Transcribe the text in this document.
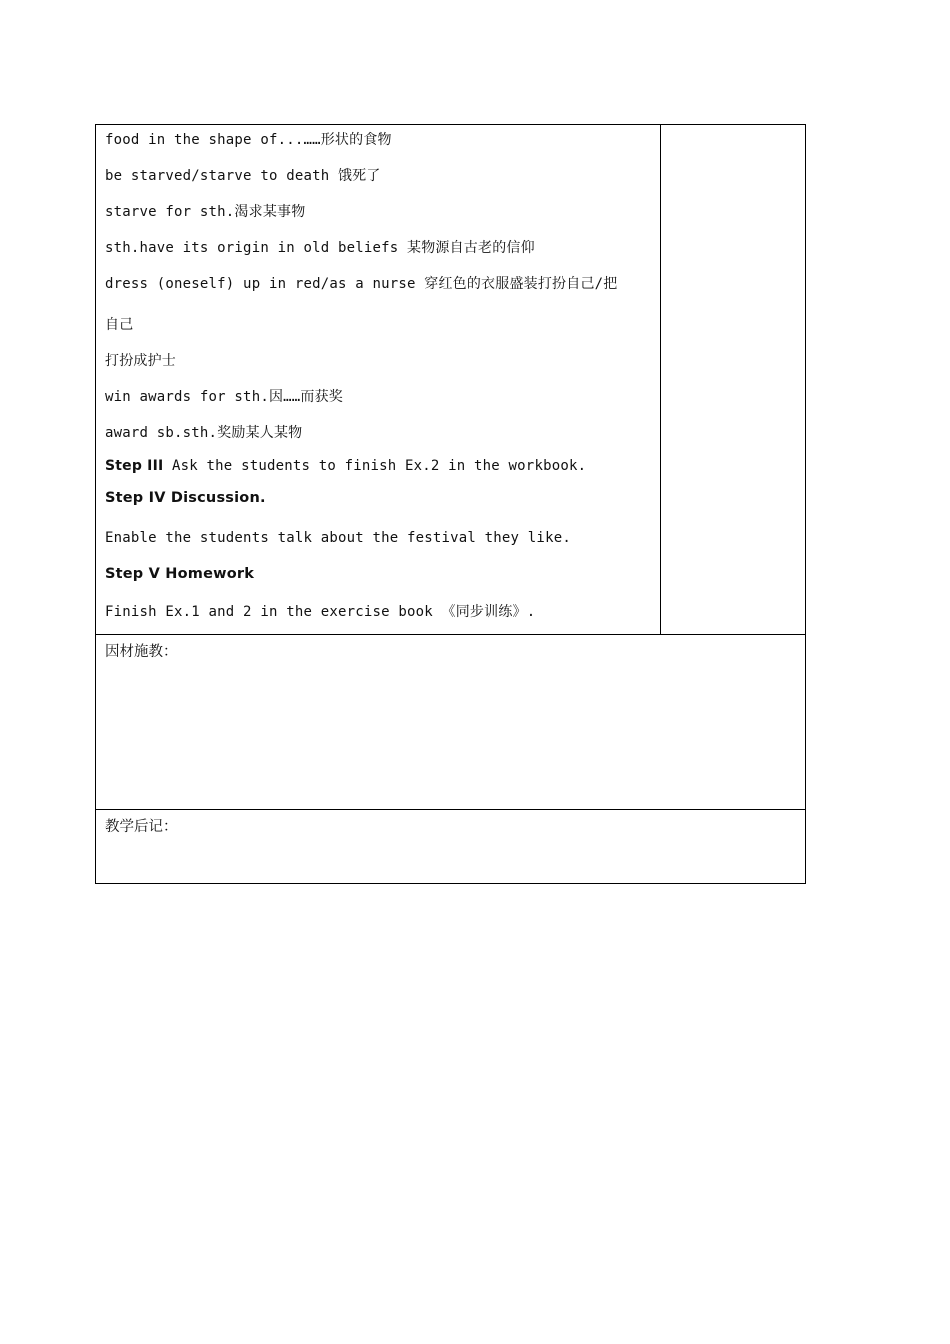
food in the shape of...……形状的食物
be starved/starve to death 饿死了
starve for sth.渴求某事物
sth.have its origin in old beliefs 某物源自古老的信仰
dress (oneself) up in red/as a nurse 穿红色的衣服盛装打扮自己/把
自己
打扮成护士
win awards for sth.因……而获奖
award sb.sth.奖励某人某物
Step III Ask the students to finish Ex.2 in the workbook.
Step IV Discussion.
Enable the students talk about the festival they like.
Step V Homework
Finish Ex.1 and 2 in the exercise book 《同步训练》.
因材施教：
教学后记：
